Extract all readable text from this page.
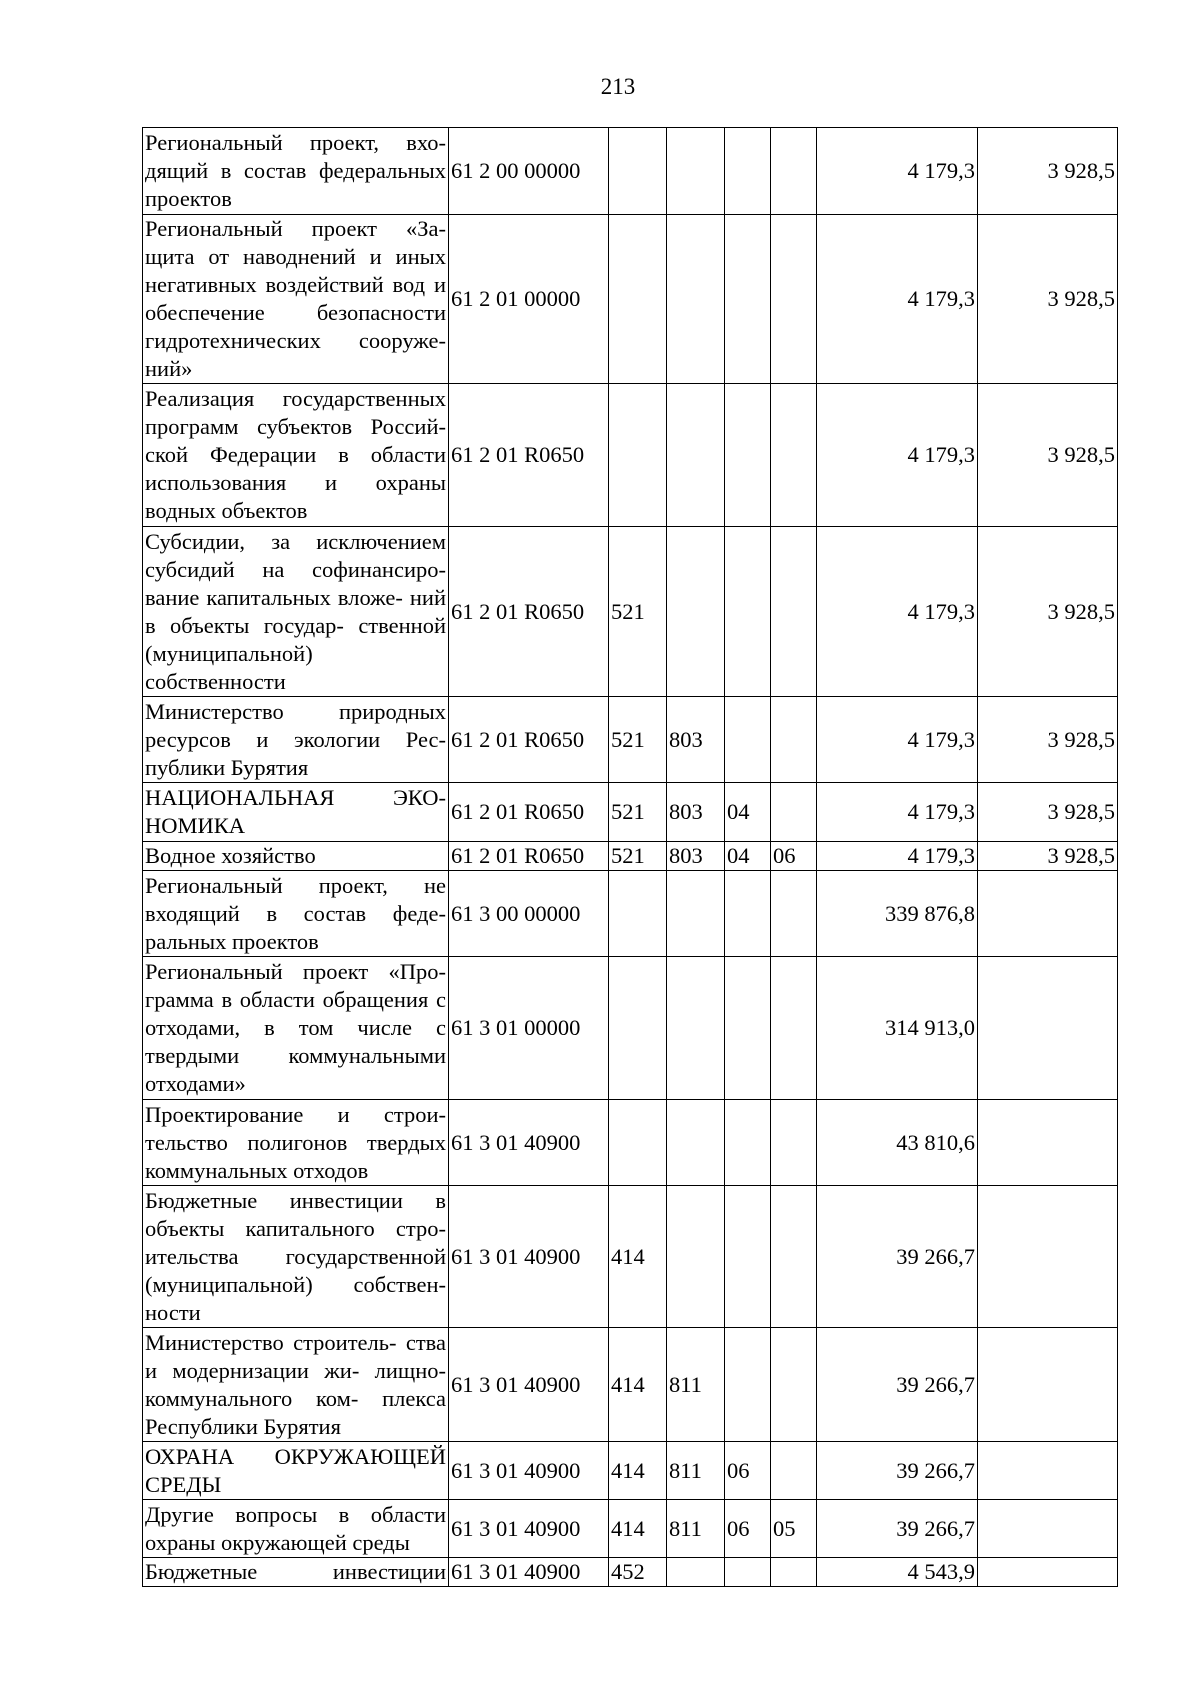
213
Региональный проект, вхо- дящий в состав федеральных проектов	61 2 00 00000					4 179,3	3 928,5
Региональный проект «За- щита от наводнений и иных негативных воздействий вод и обеспечение безопасности гидротехнических сооруже- ний»	61 2 01 00000					4 179,3	3 928,5
Реализация государственных программ субъектов Россий- ской Федерации в области использования и охраны водных объектов	61 2 01 R0650					4 179,3	3 928,5
Субсидии, за исключением субсидий на софинансиро- вание капитальных вложе- ний в объекты государ- ственной (муниципальной) собственности	61 2 01 R0650	521				4 179,3	3 928,5
Министерство природных ресурсов и экологии Рес- публики Бурятия	61 2 01 R0650	521	803			4 179,3	3 928,5
НАЦИОНАЛЬНАЯ ЭКО- НОМИКА	61 2 01 R0650	521	803	04		4 179,3	3 928,5
Водное хозяйство	61 2 01 R0650	521	803	04	06	4 179,3	3 928,5
Региональный проект, не входящий в состав феде- ральных проектов	61 3 00 00000					339 876,8	
Региональный проект «Про- грамма в области обращения с отходами, в том числе с твердыми коммунальными отходами»	61 3 01 00000					314 913,0	
Проектирование и строи- тельство полигонов твердых коммунальных отходов	61 3 01 40900					43 810,6	
Бюджетные инвестиции в объекты капитального стро- ительства государственной (муниципальной) собствен- ности	61 3 01 40900	414				39 266,7	
Министерство строитель- ства и модернизации жи- лищно-коммунального ком- плекса Республики Бурятия	61 3 01 40900	414	811			39 266,7	
ОХРАНА ОКРУЖАЮЩЕЙ СРЕДЫ	61 3 01 40900	414	811	06		39 266,7	
Другие вопросы в области охраны окружающей среды	61 3 01 40900	414	811	06	05	39 266,7	
Бюджетные инвестиции	61 3 01 40900	452				4 543,9	
